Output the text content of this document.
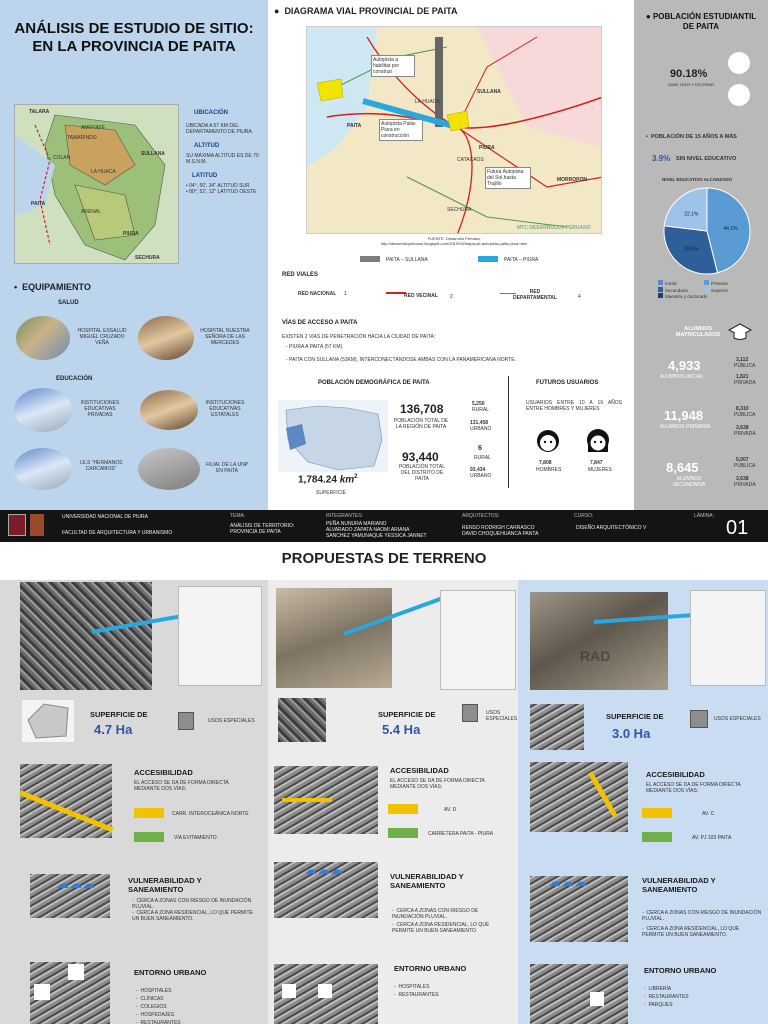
ANÁLISIS DE ESTUDIO DE SITIO: EN LA PROVINCIA DE PAITA
TALARA
SULLANA
PAITA
PIURA
SECHURA
LA HUACA
TAMARINDO
COLAN
AMOTAPE
ARENAL
UBICACIÓN
UBICADA A 57 KM DEL DEPARTAMENTO DE PIURA.
ALTITUD
SU MÁXIMA ALTITUD ES DE 70 M.S.N.M.
LATITUD
• 04°, 50', 34" ALTITUD SUR
• 80°, 52', 12" LATITUD OESTE
•  EQUIPAMIENTO
SALUD
HOSPITAL ESSALUD MIGUEL CRUZADO VEÑA
HOSPITAL NUESTRA SEÑORA DE LAS MERCEDES
EDUCACIÓN
INSTITUCIONES EDUCATIVAS PRIVADAS
INSTITUCIONES EDUCATIVAS ESTATALES
I.E.S "HERMANOS CARCAMOS"
FILIAL DE LA UNP EN PAITA
●  DIAGRAMA VIAL PROVINCIAL DE PAITA
Autopista a habilitar por construir
Autopista Paita-Piura en construcción
Futura Autopista del Sol hasta Trujillo
SULLANA
PAITA
PIURA
MORROPON
LA HUACA
SECHURA
CATACAOS
MTC DESARROLLO PERUANO
FUENTE: Desarrollo Peruano
http://desarrolloperuano.blogspot.com/2019/09/mapa-de-autopista-paita-piura.html
PAITA – SULLANA	PAITA – PIURA
RED VIALES
RED NACIONAL 1	RED VECINAL 2
RED DEPARTAMENTAL	4
VÍAS DE ACCESO A PAITA
EXISTEN 2 VÍAS DE PENETRACIÓN HACIA LA CIUDAD DE PAITA:
- PIURA A PAITA (57 KM).
- PAITA CON SULLANA (53KM), INTERCONECTÁNDOSE AMBAS CON LA PANAMERICANA NORTE.
POBLACIÓN DEMOGRÁFICA DE PAITA
136,708
POBLACIÓN TOTAL DE LA REGIÓN DE PAITA
5,250
RURAL
131,458
URBANO
93,440
POBLACIÓN TOTAL DEL DISTRITO DE PAITA
6
RURAL
93,434
URBANO
1,784.24 $km^2$
SUPERFICIE
FUTUROS USUARIOS
USUARIOS ENTRE 10 A 19 AÑOS ENTRE HOMBRES Y MUJERES
7,808
HOMBRES
7,847
MUJERES
● POBLACIÓN ESTUDIANTIL DE PAITA
90.18%
SABE LEER Y ESCRIBIR
•  POBLACIÓN DE 15 AÑOS A MÁS
3.9% SIN NIVEL EDUCATIVO
NIVEL EDUCATIVO ALCANZADO
44.1%
29.5%
22.1%
Inicial	Primaria
Secundaria	Superior
Maestría y doctorado
ALUMNOS MATRICULADOS
4,933
ALUMNOS INICIAL
3,112
PÚBLICA
1,821
PRIVADA
11,948
ALUMNOS PRIMARIA
8,310
PÚBLICA
3,638
PRIVADA
8,645
ALUMNOS SECUNDARIA
5,007
PÚBLICA
3,638
PRIVADA
UNIVERSIDAD NACIONAL DE PIURA
FACULTAD DE ARQUITECTURA Y URBANISMO
TEMA:
ANÁLISIS DE TERRITORIO: PROVINCIA DE PAITA
INTEGRANTES:
PEÑA NUNURA MARIANO
ALVARADO ZAPATA NAOMI ARIANA
SANCHEZ YAMUNAQUE YESSICA JANNET
ARQUITECTOS:
RENSO RODRIGH CARRASCO
DAVID CHOQUEHUANCA PANTA
CURSO:
DISEÑO ARQUITECTÓNICO V
LÁMINA:
01
PROPUESTAS DE TERRENO
SUPERFICIE DE
4.7 Ha
USOS ESPECIALES
ACCESIBILIDAD
EL ACCESO SE DA DE FORMA DIRECTA MEDIANTE DOS VÍAS:
CARR. INTEROCEÁNICA NORTE
VÍA EVITAMIENTO
☁☁☁	VULNERABILIDAD Y SANEAMIENTO
-  CERCA A ZONAS CON RIESGO DE INUNDACIÓN PLUVIAL.
-  CERCA A ZONA RESIDENCIAL, LO QUE PERMITE UN BUEN SANEAMIENTO.
ENTORNO URBANO
-  HOSPITALES
-  CLÍNICAS
-  COLEGIOS
-  HOSPEDAJES
-  RESTAURANTES
SUPERFICIE DE
5.4 Ha
USOS ESPECIALES
ACCESIBILIDAD
EL ACCESO SE DA DE FORMA DIRECTA MEDIANTE DOS VÍAS:
AV. D
CARRETERA PAITA - PIURA
☁☁☁	VULNERABILIDAD Y SANEAMIENTO
-  CERCA A ZONAS CON RIESGO DE INUNDACIÓN PLUVIAL.
-  CERCA A ZONA RESIDENCIAL, LO QUE PERMITE UN BUEN SANEAMIENTO.
ENTORNO URBANO
-  HOSPITALES
-  RESTAURANTES
RAD
SUPERFICIE DE
3.0 Ha
USOS ESPECIALES
ACCESIBILIDAD
EL ACCESO SE DA DE FORMA DIRECTA MEDIANTE DOS VÍAS:
AV. C
AV. PJ 103 PAITA
☁☁☁	VULNERABILIDAD Y SANEAMIENTO
-  CERCA A ZONAS CON RIESGO DE INUNDACIÓN PLUVIAL.
-  CERCA A ZONA RESIDENCIAL, LO QUE PERMITE UN BUEN SANEAMIENTO.
ENTORNO URBANO
-  LIBRERÍA
-  RESTAURANTES
-  PARQUES
